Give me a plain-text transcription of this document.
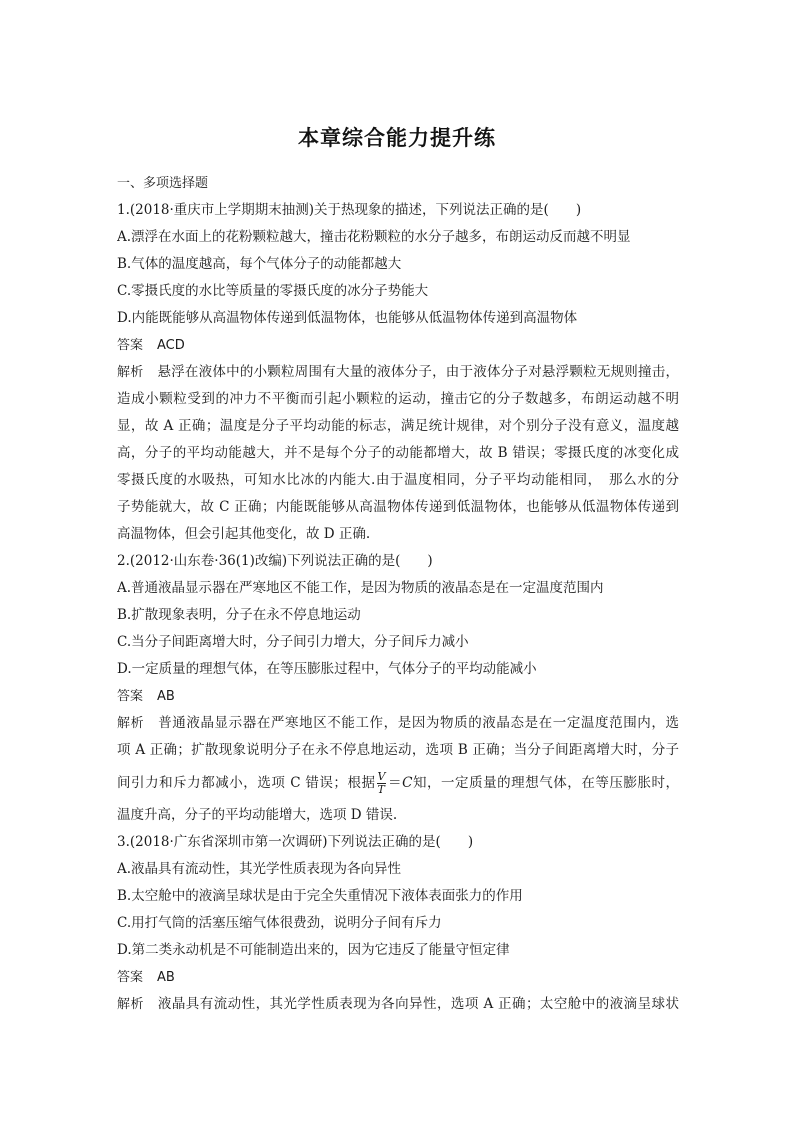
本章综合能力提升练
一、多项选择题
1.(2018·重庆市上学期期末抽测)关于热现象的描述，下列说法正确的是(　　)
A.漂浮在水面上的花粉颗粒越大，撞击花粉颗粒的水分子越多，布朗运动反而越不明显
B.气体的温度越高，每个气体分子的动能都越大
C.零摄氏度的水比等质量的零摄氏度的冰分子势能大
D.内能既能够从高温物体传递到低温物体，也能够从低温物体传递到高温物体
答案 ACD
解析 悬浮在液体中的小颗粒周围有大量的液体分子，由于液体分子对悬浮颗粒无规则撞击，
造成小颗粒受到的冲力不平衡而引起小颗粒的运动，撞击它的分子数越多，布朗运动越不明
显，故 A 正确；温度是分子平均动能的标志，满足统计规律，对个别分子没有意义，温度越
高，分子的平均动能越大，并不是每个分子的动能都增大，故 B 错误；零摄氏度的冰变化成
零摄氏度的水吸热，可知水比冰的内能大.由于温度相同，分子平均动能相同，　那么水的分
子势能就大，故 C 正确；内能既能够从高温物体传递到低温物体，也能够从低温物体传递到
高温物体，但会引起其他变化，故 D 正确.
2.(2012·山东卷·36(1)改编)下列说法正确的是(　　)
A.普通液晶显示器在严寒地区不能工作，是因为物质的液晶态是在一定温度范围内
B.扩散现象表明，分子在永不停息地运动
C.当分子间距离增大时，分子间引力增大，分子间斥力减小
D.一定质量的理想气体，在等压膨胀过程中，气体分子的平均动能减小
答案 AB
解析 普通液晶显示器在严寒地区不能工作，是因为物质的液晶态是在一定温度范围内，选
项 A 正确；扩散现象说明分子在永不停息地运动，选项 B 正确；当分子间距离增大时，分子
间引力和斥力都减小，选项 C 错误；根据 $\frac{V}{T} =C$知，一定质量的理想气体，在等压膨胀时，
温度升高，分子的平均动能增大，选项 D 错误.
3.(2018·广东省深圳市第一次调研)下列说法正确的是(　　)
A.液晶具有流动性，其光学性质表现为各向异性
B.太空舱中的液滴呈球状是由于完全失重情况下液体表面张力的作用
C.用打气筒的活塞压缩气体很费劲，说明分子间有斥力
D.第二类永动机是不可能制造出来的，因为它违反了能量守恒定律
答案 AB
解析 液晶具有流动性，其光学性质表现为各向异性，选项 A 正确；太空舱中的液滴呈球状
